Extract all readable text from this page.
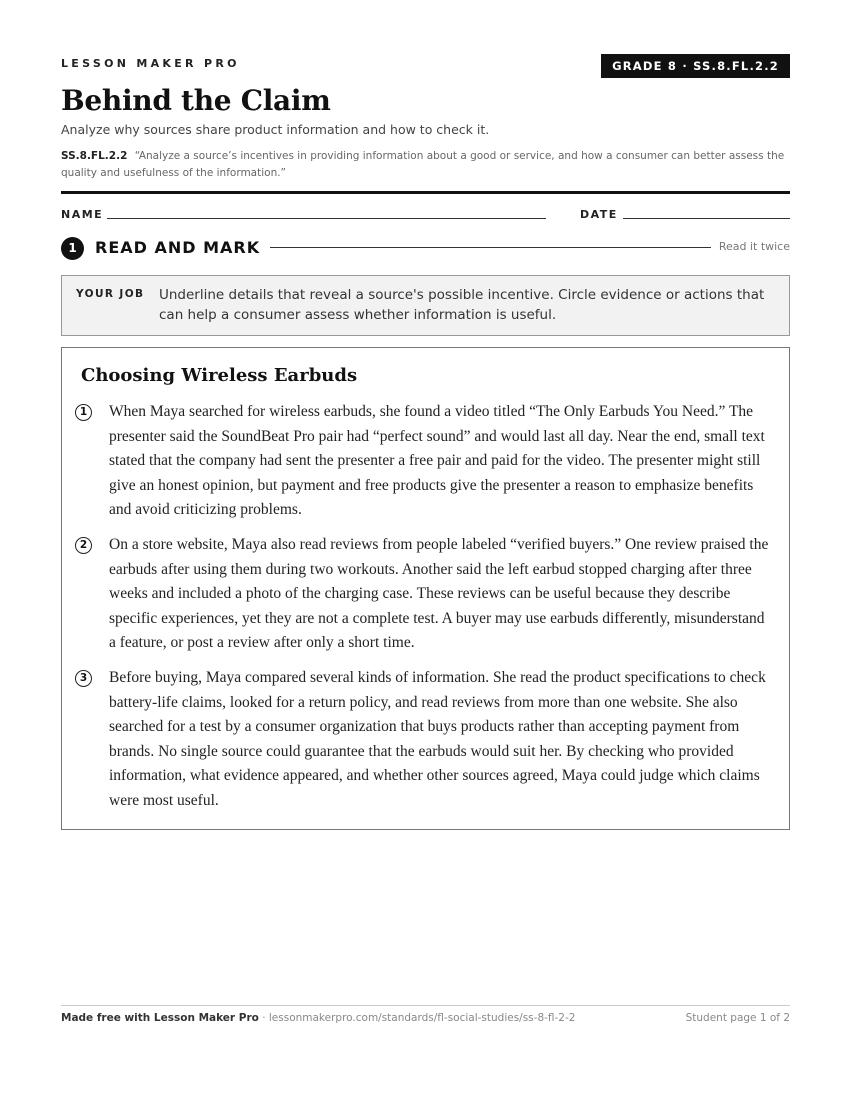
LESSON MAKER PRO	GRADE 8 · SS.8.FL.2.2
Behind the Claim
Analyze why sources share product information and how to check it.
SS.8.FL.2.2 “Analyze a source’s incentives in providing information about a good or service, and how a consumer can better assess the quality and usefulness of the information.”
NAME	DATE
1	READ AND MARK	Read it twice
YOUR JOB Underline details that reveal a source's possible incentive. Circle evidence or actions that can help a consumer assess whether information is useful.
Choosing Wireless Earbuds
1	When Maya searched for wireless earbuds, she found a video titled “The Only Earbuds You Need.” The presenter said the SoundBeat Pro pair had “perfect sound” and would last all day. Near the end, small text stated that the company had sent the presenter a free pair and paid for the video. The presenter might still give an honest opinion, but payment and free products give the presenter a reason to emphasize benefits and avoid criticizing problems.
2	On a store website, Maya also read reviews from people labeled “verified buyers.” One review praised the earbuds after using them during two workouts. Another said the left earbud stopped charging after three weeks and included a photo of the charging case. These reviews can be useful because they describe specific experiences, yet they are not a complete test. A buyer may use earbuds differently, misunderstand a feature, or post a review after only a short time.
3	Before buying, Maya compared several kinds of information. She read the product specifications to check battery-life claims, looked for a return policy, and read reviews from more than one website. She also searched for a test by a consumer organization that buys products rather than accepting payment from brands. No single source could guarantee that the earbuds would suit her. By checking who provided information, what evidence appeared, and whether other sources agreed, Maya could judge which claims were most useful.
Made free with Lesson Maker Pro · lessonmakerpro.com/standards/fl-social-studies/ss-8-fl-2-2	Student page 1 of 2
